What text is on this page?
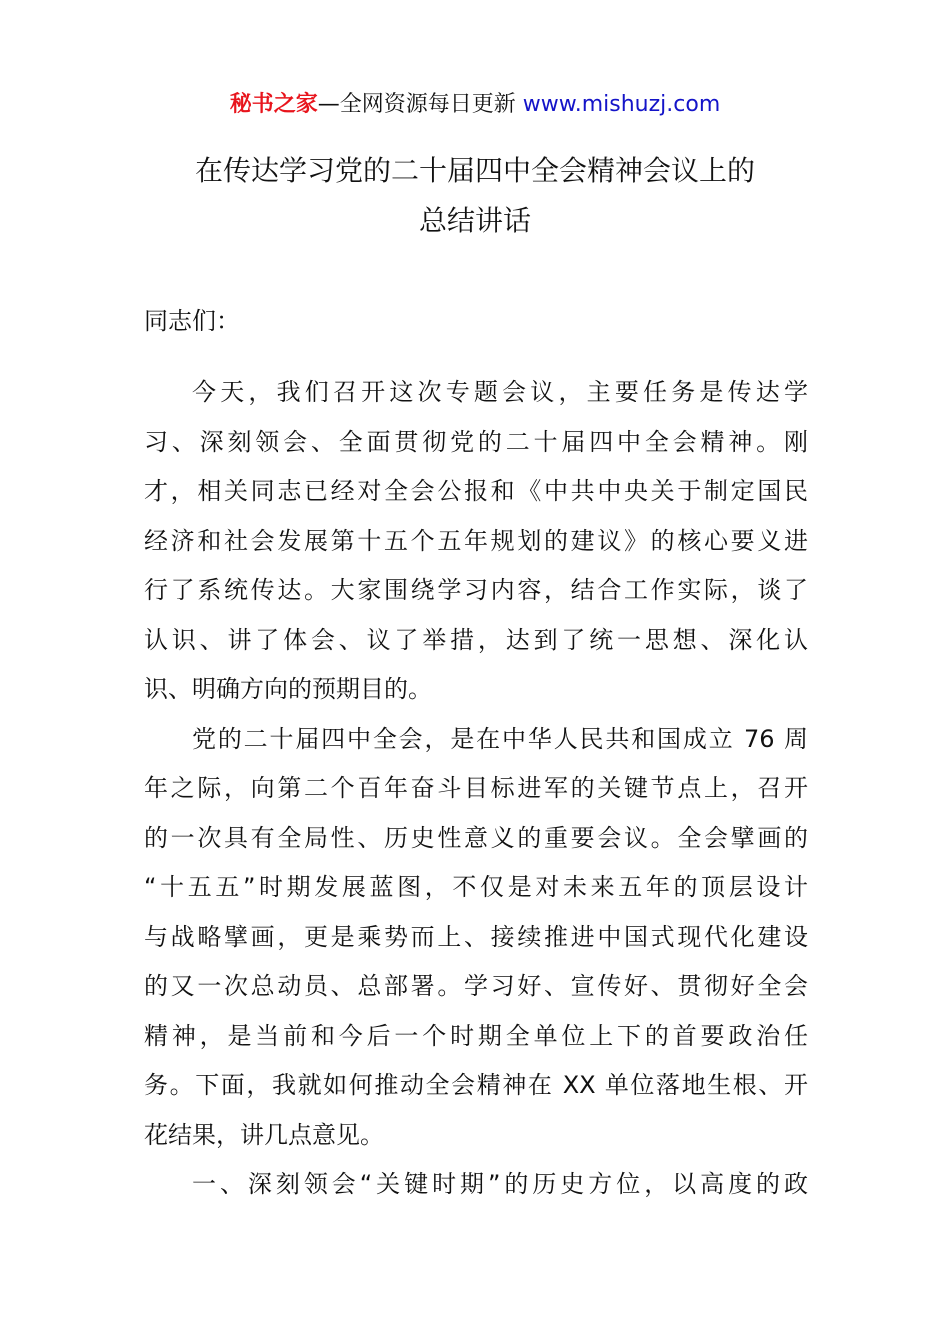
秘书之家—全网资源每日更新 www.mishuzj.com
在传达学习党的二十届四中全会精神会议上的
总结讲话
同志们：
今天，我们召开这次专题会议，主要任务是传达学
习、深刻领会、全面贯彻党的二十届四中全会精神。刚
才，相关同志已经对全会公报和《中共中央关于制定国民
经济和社会发展第十五个五年规划的建议》的核心要义进
行了系统传达。大家围绕学习内容，结合工作实际，谈了
认识、讲了体会、议了举措，达到了统一思想、深化认
识、明确方向的预期目的。
党的二十届四中全会，是在中华人民共和国成立 76 周
年之际，向第二个百年奋斗目标进军的关键节点上，召开
的一次具有全局性、历史性意义的重要会议。全会擘画的
“十五五”时期发展蓝图，不仅是对未来五年的顶层设计
与战略擘画，更是乘势而上、接续推进中国式现代化建设
的又一次总动员、总部署。学习好、宣传好、贯彻好全会
精神，是当前和今后一个时期全单位上下的首要政治任
务。下面，我就如何推动全会精神在 XX 单位落地生根、开
花结果，讲几点意见。
一、深刻领会“关键时期”的历史方位，以高度的政
